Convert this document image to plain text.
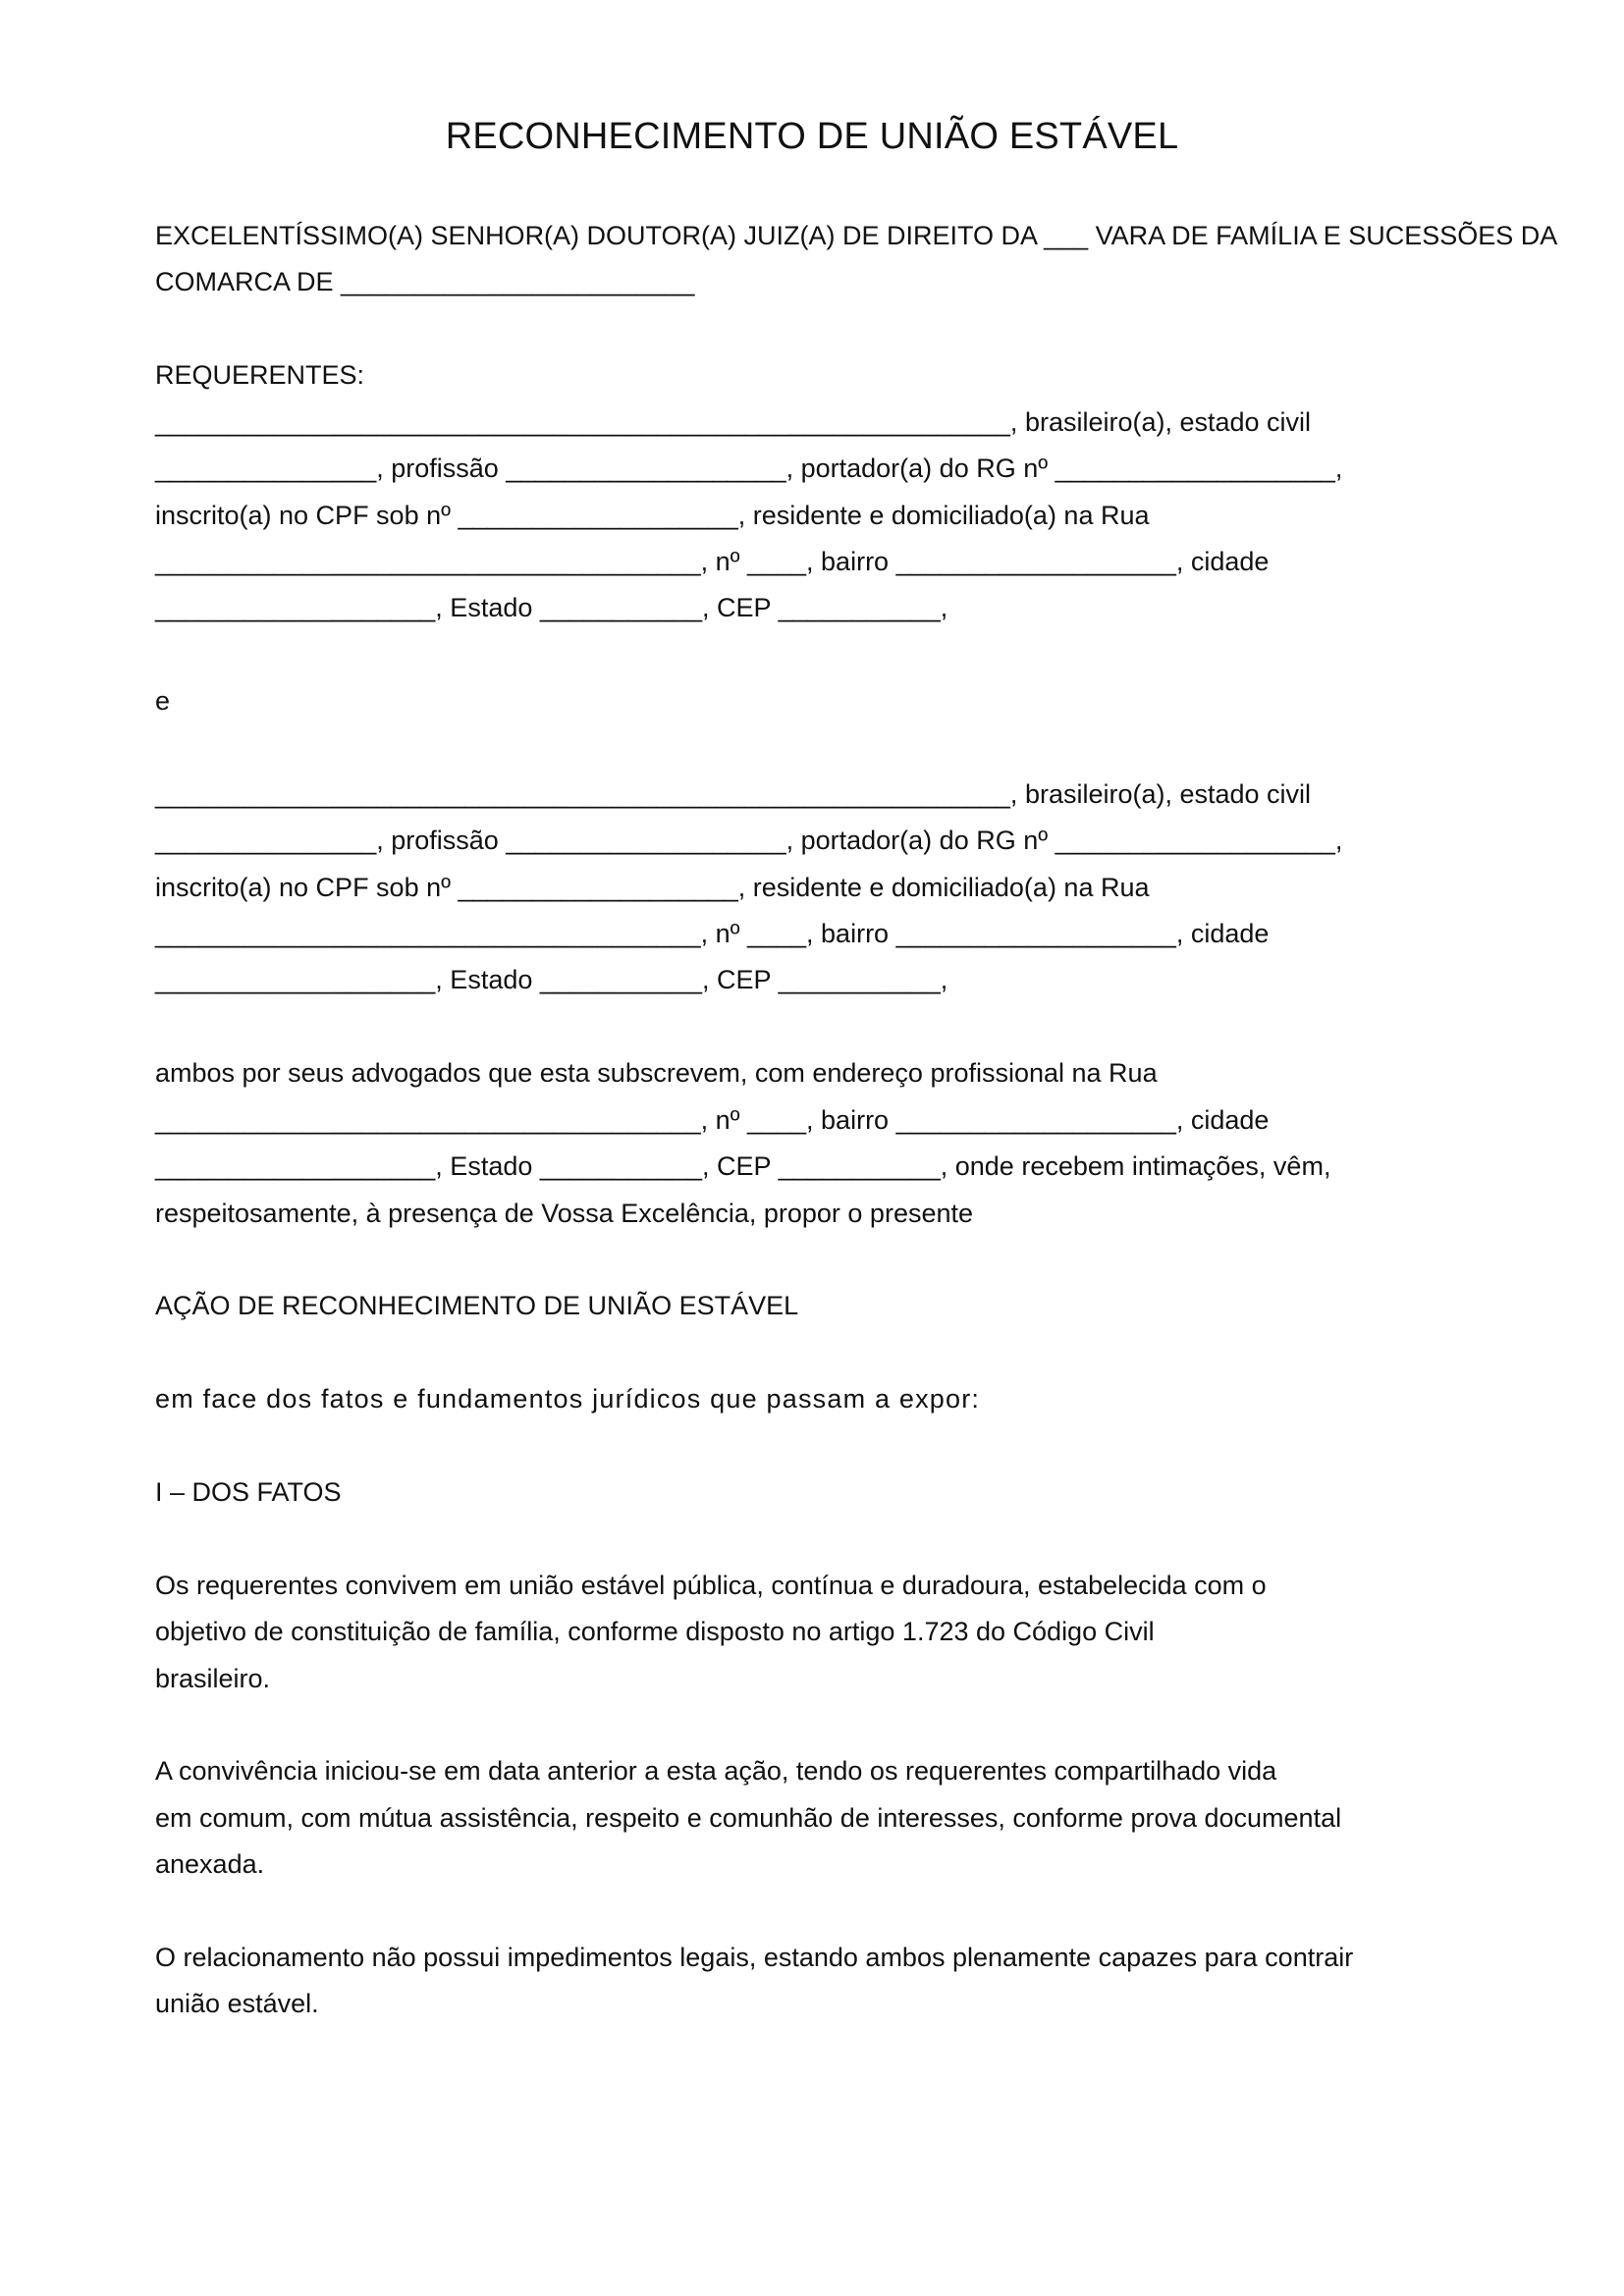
RECONHECIMENTO DE UNIÃO ESTÁVEL
EXCELENTÍSSIMO(A) SENHOR(A) DOUTOR(A) JUIZ(A) DE DIREITO DA ___ VARA DE FAMÍLIA E SUCESSÕES DA
COMARCA DE ________________________
REQUERENTES:
__________________________________________________________, brasileiro(a), estado civil
_______________, profissão ___________________, portador(a) do RG nº ___________________,
inscrito(a) no CPF sob nº ___________________, residente e domiciliado(a) na Rua
_____________________________________, nº ____, bairro ___________________, cidade
___________________, Estado ___________, CEP ___________,
e
__________________________________________________________, brasileiro(a), estado civil
_______________, profissão ___________________, portador(a) do RG nº ___________________,
inscrito(a) no CPF sob nº ___________________, residente e domiciliado(a) na Rua
_____________________________________, nº ____, bairro ___________________, cidade
___________________, Estado ___________, CEP ___________,
ambos por seus advogados que esta subscrevem, com endereço profissional na Rua
_____________________________________, nº ____, bairro ___________________, cidade
___________________, Estado ___________, CEP ___________, onde recebem intimações, vêm,
respeitosamente, à presença de Vossa Excelência, propor o presente
AÇÃO DE RECONHECIMENTO DE UNIÃO ESTÁVEL
em face dos fatos e fundamentos jurídicos que passam a expor:
I – DOS FATOS
Os requerentes convivem em união estável pública, contínua e duradoura, estabelecida com o
objetivo de constituição de família, conforme disposto no artigo 1.723 do Código Civil
brasileiro.
A convivência iniciou-se em data anterior a esta ação, tendo os requerentes compartilhado vida
em comum, com mútua assistência, respeito e comunhão de interesses, conforme prova documental
anexada.
O relacionamento não possui impedimentos legais, estando ambos plenamente capazes para contrair
união estável.
